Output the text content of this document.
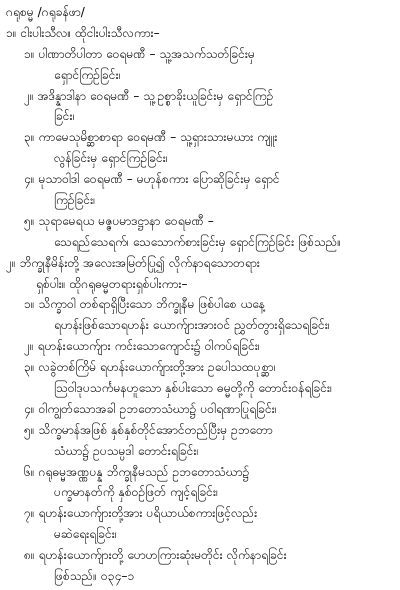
ဂရုစမ္မ /ဂရုခန်ဖာ/
၁။ ငါးပါးသီလ။ ထိုငါးပါးသီလကား–
၁။ ပါဏာတိပါတာ ဝေရမဏီ – သူ့အသက်သတ်ခြင်းမှ
ရှောင်ကြဉ်ခြင်း၊
၂။ အဒိန္နာဒါနာ ဝေရမဏီ – သူ့ဥစ္စာခိုးယူခြင်းမှ ရှောင်ကြဉ်
ခြင်း၊
၃။ ကာမေသုမိစ္ဆာစာရာ ဝေရမဏီ – သူ့ရှားသားမယား ကျူး
လွန်ခြင်းမှ ရှောင်ကြဉ်ခြင်း၊
၄။ မုသာဝါဒါ ဝေရမဏီ – မဟုန်စကား ပြောဆိုခြင်းမှ ရှောင်
ကြဉ်ခြင်း၊
၅။ သုရာမေရယ မဇ္ဇပမာဒဋ္ဌာနာ ဝေရမဏီ –
သေရည်သေရက်၊ သေသောက်စားခြင်းမှ ရှောင်ကြဉ်ခြင်း ဖြစ်သည်။
၂။ ဘိက္ခုနီမိန်းတို့ အလေးအမြတ်ပြု၍ လိုက်နာရသောတရား
ရှစ်ပါး။ ထိုဂရုဓမ္မတရားရှစ်ပါးကား–
၁။ သိက္ခာဝါ တစ်ရာရှိပြီးသော ဘိက္ခုနီမ ဖြစ်ပါစေ ယနေ့
ရဟန်းဖြစ်သောရဟန်း ယောက်ျားအားဝင် ညွှတ်တွားရှိသေရခြင်း၊
၂။ ရဟန်းယောက်ျား ကင်းသောကျောင်း၌ ဝါကပ်ရခြင်း၊
၃။ လခွဲတစ်ကြိမ် ရဟန်းယောက်ျားတို့အား ဥပေါသထပုစ္ဆာ၊
ဩဝါဒုပသင်္ကမနဟူသော နှစ်ပါးသော ဓမ္မတို့ကို တောင်းဝန်ရခြင်း၊
၄။ ဝါကျွတ်သောအခါ ဥဘတောသံဃာ၌ ပဝါရဏာပြုရခြင်း၊
၅။ သိက္ခမာန်အဖြစ် နှစ်နှစ်တိုင်အောင်တည်ပြီးမှ ဥဘတော
သံဃာ၌ ဥပသမ္ပဒါ တောင်းရခြင်း၊
၆။ ဂရုဓမ္မအဏ္ဏပန္န ဘိက္ခုနီမသည် ဥဘတောသံဃာ၌
ပက္ခမာနတ်ကို နှစ်ဝဉ်ဖြတ် ကျင့်ရခြင်း၊
၇။ ရဟန်းယောက်ျားတို့အား ပရိယာယ်စကားဖြင့်လည်း
မဆဲရေးရခြင်း၊
၈။ ရဟန်းယောက်ျားတို့ ပောဟကြားဆုံးမတိုင်း လိုက်နာရခြင်း
ဖြစ်သည်။ ၀၃၄–၁
